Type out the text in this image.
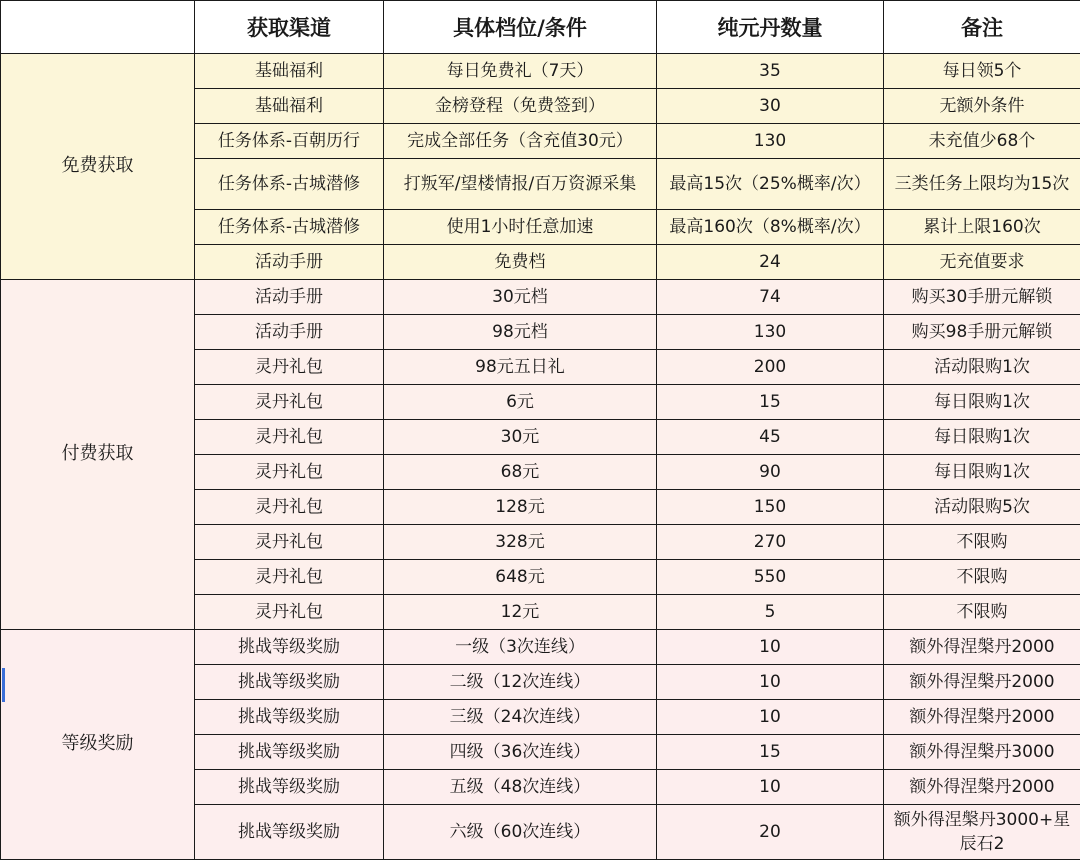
	获取渠道	具体档位/条件	纯元丹数量	备注
免费获取	基础福利	每日免费礼（7天）	35	每日领5个
	基础福利	金榜登程（免费签到）	30	无额外条件
	任务体系-百朝历行	完成全部任务（含充值30元）	130	未充值少68个
	任务体系-古城潜修	打叛军/望楼情报/百万资源采集	最高15次（25%概率/次）	三类任务上限均为15次
	任务体系-古城潜修	使用1小时任意加速	最高160次（8%概率/次）	累计上限160次
	活动手册	免费档	24	无充值要求
付费获取	活动手册	30元档	74	购买30手册元解锁
	活动手册	98元档	130	购买98手册元解锁
	灵丹礼包	98元五日礼	200	活动限购1次
	灵丹礼包	6元	15	每日限购1次
	灵丹礼包	30元	45	每日限购1次
	灵丹礼包	68元	90	每日限购1次
	灵丹礼包	128元	150	活动限购5次
	灵丹礼包	328元	270	不限购
	灵丹礼包	648元	550	不限购
	灵丹礼包	12元	5	不限购
等级奖励	挑战等级奖励	一级（3次连线）	10	额外得涅槃丹2000
	挑战等级奖励	二级（12次连线）	10	额外得涅槃丹2000
	挑战等级奖励	三级（24次连线）	10	额外得涅槃丹2000
	挑战等级奖励	四级（36次连线）	15	额外得涅槃丹3000
	挑战等级奖励	五级（48次连线）	10	额外得涅槃丹2000
	挑战等级奖励	六级（60次连线）	20	额外得涅槃丹3000+星辰石2
